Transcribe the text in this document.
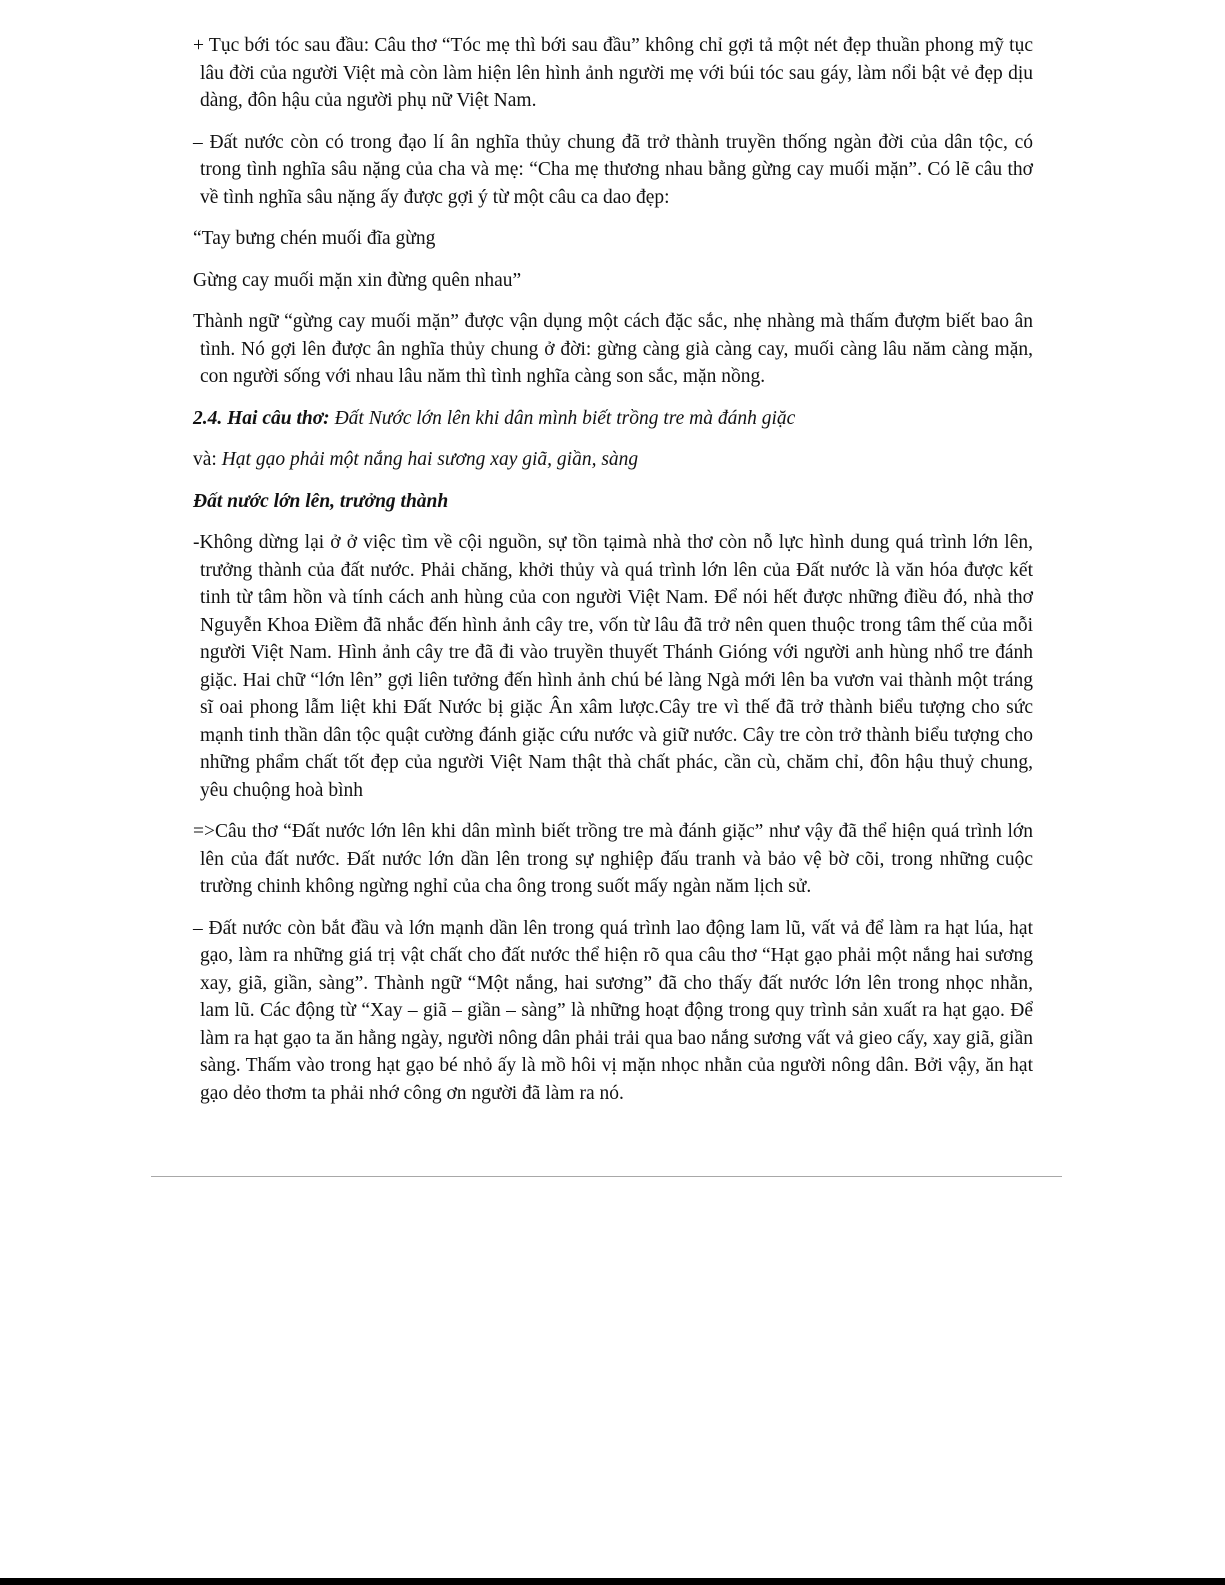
+ Tục bới tóc sau đầu: Câu thơ “Tóc mẹ thì bới sau đầu” không chỉ gợi tả một nét đẹp thuần phong mỹ tục lâu đời của người Việt mà còn làm hiện lên hình ảnh người mẹ với búi tóc sau gáy, làm nổi bật vẻ đẹp dịu dàng, đôn hậu của người phụ nữ Việt Nam.

– Đất nước còn có trong đạo lí ân nghĩa thủy chung đã trở thành truyền thống ngàn đời của dân tộc, có trong tình nghĩa sâu nặng của cha và mẹ: “Cha mẹ thương nhau bằng gừng cay muối mặn”. Có lẽ câu thơ về tình nghĩa sâu nặng ấy được gợi ý từ một câu ca dao đẹp:

“Tay bưng chén muối đĩa gừng

Gừng cay muối mặn xin đừng quên nhau”

Thành ngữ “gừng cay muối mặn” được vận dụng một cách đặc sắc, nhẹ nhàng mà thấm đượm biết bao ân tình. Nó gợi lên được ân nghĩa thủy chung ở đời: gừng càng già càng cay, muối càng lâu năm càng mặn, con người sống với nhau lâu năm thì tình nghĩa càng son sắc, mặn nồng.

2.4. Hai câu thơ: Đất Nước lớn lên khi dân mình biết trồng tre mà đánh giặc

và: Hạt gạo phải một nắng hai sương xay giã, giần, sàng

Đất nước lớn lên, trưởng thành

-Không dừng lại ở ở việc tìm về cội nguồn, sự tồn tạimà nhà thơ còn nỗ lực hình dung quá trình lớn lên, trưởng thành của đất nước. Phải chăng, khởi thủy và quá trình lớn lên của Đất nước là văn hóa được kết tinh từ tâm hồn và tính cách anh hùng của con người Việt Nam. Để nói hết được những điều đó, nhà thơ Nguyễn Khoa Điềm đã nhắc đến hình ảnh cây tre, vốn từ lâu đã trở nên quen thuộc trong tâm thế của mỗi người Việt Nam. Hình ảnh cây tre đã đi vào truyền thuyết Thánh Gióng với người anh hùng nhổ tre đánh giặc. Hai chữ “lớn lên” gợi liên tưởng đến hình ảnh chú bé làng Ngà mới lên ba vươn vai thành một tráng sĩ oai phong lẫm liệt khi Đất Nước bị giặc Ân xâm lược.Cây tre vì thế đã trở thành biểu tượng cho sức mạnh tinh thần dân tộc quật cường đánh giặc cứu nước và giữ nước. Cây tre còn trở thành biểu tượng cho những phẩm chất tốt đẹp của người Việt Nam thật thà chất phác, cần cù, chăm chỉ, đôn hậu thuỷ chung, yêu chuộng hoà bình

=>Câu thơ “Đất nước lớn lên khi dân mình biết trồng tre mà đánh giặc” như vậy đã thể hiện quá trình lớn lên của đất nước. Đất nước lớn dần lên trong sự nghiệp đấu tranh và bảo vệ bờ cõi, trong những cuộc trường chinh không ngừng nghỉ của cha ông trong suốt mấy ngàn năm lịch sử.

– Đất nước còn bắt đầu và lớn mạnh dần lên trong quá trình lao động lam lũ, vất vả để làm ra hạt lúa, hạt gạo, làm ra những giá trị vật chất cho đất nước thể hiện rõ qua câu thơ “Hạt gạo phải một nắng hai sương xay, giã, giần, sàng”. Thành ngữ “Một nắng, hai sương” đã cho thấy đất nước lớn lên trong nhọc nhằn, lam lũ. Các động từ “Xay – giã – giần – sàng” là những hoạt động trong quy trình sản xuất ra hạt gạo. Để làm ra hạt gạo ta ăn hằng ngày, người nông dân phải trải qua bao nắng sương vất vả gieo cấy, xay giã, giần sàng. Thấm vào trong hạt gạo bé nhỏ ấy là mồ hôi vị mặn nhọc nhằn của người nông dân. Bởi vậy, ăn hạt gạo dẻo thơm ta phải nhớ công ơn người đã làm ra nó.
